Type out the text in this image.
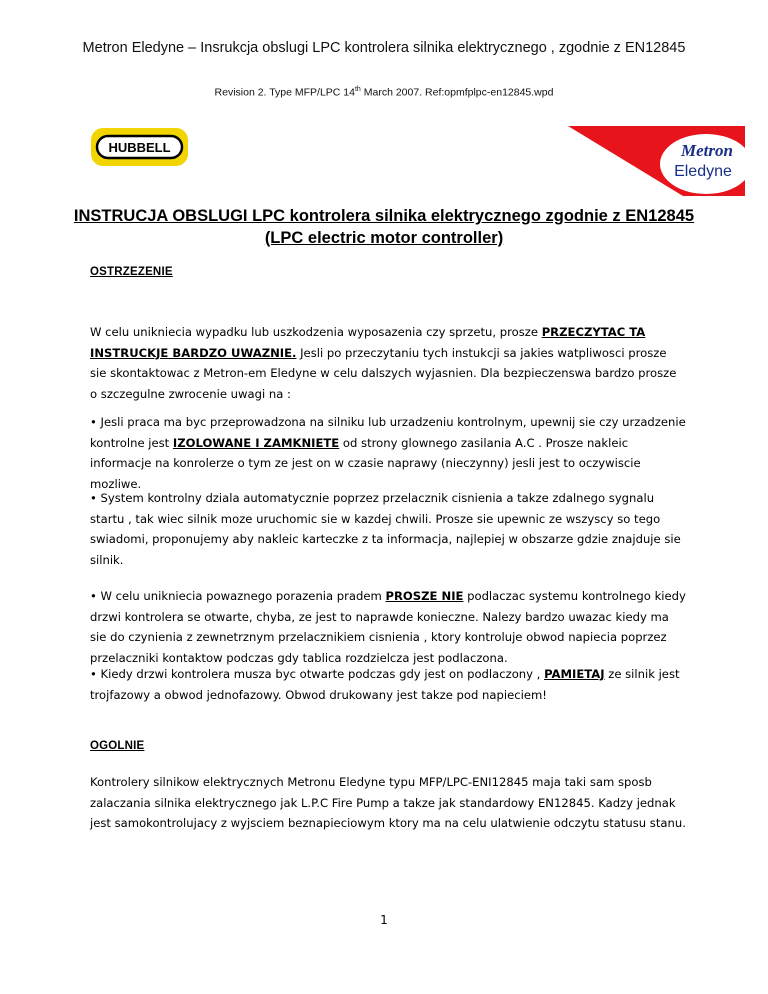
Metron Eledyne – Insrukcja obslugi LPC kontrolera silnika elektrycznego , zgodnie z EN12845
Revision 2. Type MFP/LPC 14th March 2007. Ref:opmfplpc-en12845.wpd
HUBBELL	Metron
Eledyne
INSTRUCJA OBSLUGI LPC kontrolera silnika elektrycznego zgodnie z EN12845
(LPC electric motor controller)
OSTRZEZENIE
W celu unikniecia wypadku lub uszkodzenia wyposazenia czy sprzetu, prosze PRZECZYTAC TA INSTRUCKJE BARDZO UWAZNIE. Jesli po przeczytaniu tych instukcji sa jakies watpliwosci prosze sie skontaktowac z Metron-em Eledyne w celu dalszych wyjasnien. Dla bezpieczenswa bardzo prosze o szczegulne zwrocenie uwagi na :
• Jesli praca ma byc przeprowadzona na silniku lub urzadzeniu kontrolnym, upewnij sie czy urzadzenie kontrolne jest IZOLOWANE I ZAMKNIETE od strony glownego zasilania A.C . Prosze nakleic informacje na konrolerze o tym ze jest on w czasie naprawy (nieczynny) jesli jest to oczywiscie mozliwe.
• System kontrolny dziala automatycznie poprzez przelacznik cisnienia a takze zdalnego sygnalu startu , tak wiec silnik moze uruchomic sie w kazdej chwili. Prosze sie upewnic ze wszyscy so tego swiadomi, proponujemy aby nakleic karteczke z ta informacja, najlepiej w obszarze gdzie znajduje sie silnik.
• W celu unikniecia powaznego porazenia pradem PROSZE NIE podlaczac systemu kontrolnego kiedy drzwi kontrolera se otwarte, chyba, ze jest to naprawde konieczne. Nalezy bardzo uwazac kiedy ma sie do czynienia z zewnetrznym przelacznikiem cisnienia , ktory kontroluje obwod napiecia poprzez przelaczniki kontaktow podczas gdy tablica rozdzielcza jest podlaczona.
• Kiedy drzwi kontrolera musza byc otwarte podczas gdy jest on podlaczony , PAMIETAJ ze silnik jest trojfazowy a obwod jednofazowy. Obwod drukowany jest takze pod napieciem!
OGOLNIE
Kontrolery silnikow elektrycznych Metronu Eledyne typu MFP/LPC-ENI12845 maja taki sam sposb zalaczania silnika elektrycznego jak L.P.C Fire Pump a takze jak standardowy EN12845. Kadzy jednak jest samokontrolujacy z wyjsciem beznapieciowym ktory ma na celu ulatwienie odczytu statusu stanu.
1
